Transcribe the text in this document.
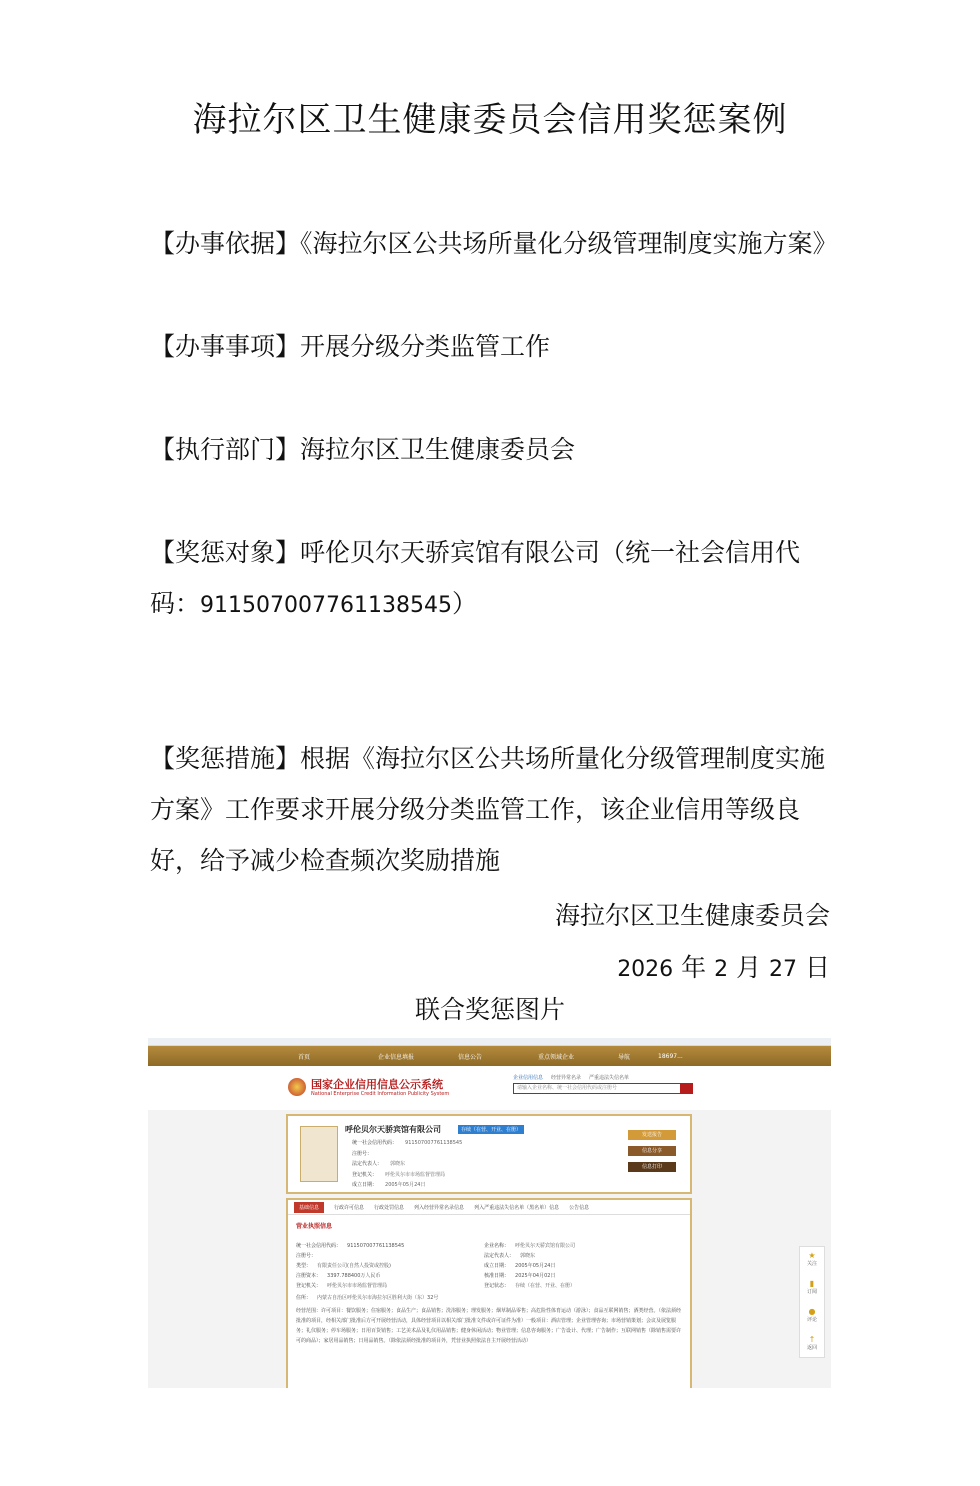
海拉尔区卫生健康委员会信用奖惩案例
【办事依据】《海拉尔区公共场所量化分级管理制度实施方案》
【办事事项】开展分级分类监管工作
【执行部门】海拉尔区卫生健康委员会
【奖惩对象】呼伦贝尔天骄宾馆有限公司（统一社会信用代码：911507007761138545）
【奖惩措施】根据《海拉尔区公共场所量化分级管理制度实施方案》工作要求开展分级分类监管工作，该企业信用等级良好，给予减少检查频次奖励措施
海拉尔区卫生健康委员会
2026 年 2 月 27 日
联合奖惩图片
首页	企业信息填报	信息公告	重点领域企业	导航	18697...
国家企业信用信息公示系统
National Enterprise Credit Information Publicity System
企业信用信息 经营异常名录 严重违法失信名单
请输入企业名称、统一社会信用代码或注册号
呼伦贝尔天骄宾馆有限公司	存续（在营、开业、在册）
统一社会信用代码： 911507007761138545
注册号：
法定代表人： 郭晓东
登记机关： 呼伦贝尔市市场监督管理局
成立日期： 2005年05月24日
发送报告
信息分享
信息打印
基础信息	行政许可信息 行政处罚信息 列入经营异常名录信息 列入严重违法失信名单（黑名单）信息 公告信息
营业执照信息
统一社会信用代码： 911507007761138545
注册号：
类型： 有限责任公司(自然人投资或控股)
注册资本： 3397.788400万人民币
登记机关： 呼伦贝尔市市场监督管理局
住所： 内蒙古自治区呼伦贝尔市海拉尔区胜利大街（东）32号
企业名称： 呼伦贝尔天骄宾馆有限公司
法定代表人： 郭晓东
成立日期： 2005年05月24日
核准日期： 2025年04月02日
登记状态： 存续（在营、开业、在册）
经营范围：许可项目：餐饮服务；住宿服务；食品生产；食品销售；洗浴服务；理发服务；烟草制品零售；高危险性体育运动（游泳）；食品互联网销售；酒类经营。（依法须经批准的项目，经相关部门批准后方可开展经营活动，具体经营项目以相关部门批准文件或许可证件为准）一般项目：酒店管理；企业管理咨询；市场营销策划；会议及展览服务；礼仪服务；停车场服务；日用百货销售；工艺美术品及礼仪用品销售；健身休闲活动；物业管理；信息咨询服务；广告设计、代理；广告制作；互联网销售（除销售需要许可的商品）；家居用品销售；日用品销售。（除依法须经批准的项目外，凭营业执照依法自主开展经营活动）
★
关注
▮
订阅
●
评论
↑
返回
